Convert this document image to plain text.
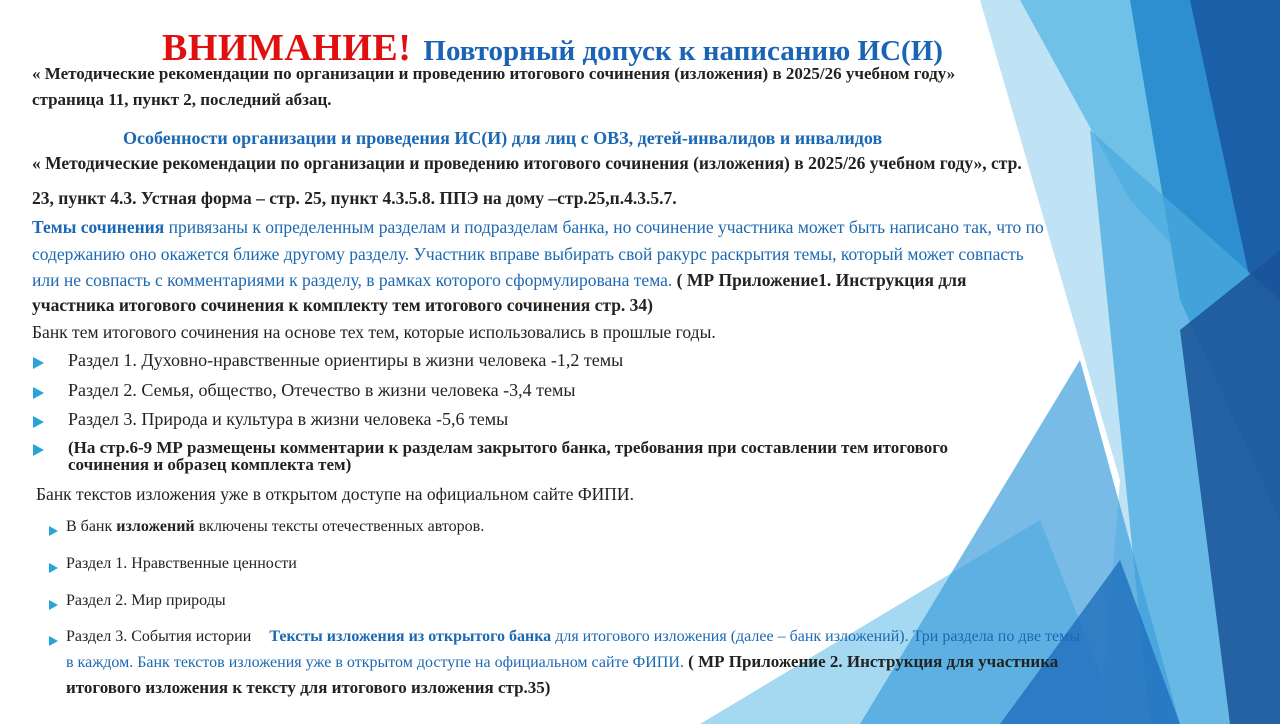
ВНИМАНИЕ! Повторный допуск к написанию ИС(И)
« Методические рекомендации по организации и проведению итогового сочинения (изложения) в 2025/26 учебном году»
страница 11, пункт 2, последний абзац.
Особенности организации и проведения ИС(И) для лиц с ОВЗ, детей-инвалидов и инвалидов
« Методические рекомендации по организации и проведению итогового сочинения (изложения) в 2025/26 учебном году», стр.
23, пункт 4.3. Устная форма – стр. 25, пункт 4.3.5.8. ППЭ на дому –стр.25,п.4.3.5.7.
Темы сочинения привязаны к определенным разделам и подразделам банка, но сочинение участника может быть написано так, что по
содержанию оно окажется ближе другому разделу. Участник вправе выбирать свой ракурс раскрытия темы, который может совпасть
или не совпасть с комментариями к разделу, в рамках которого сформулирована тема. ( МР Приложение1. Инструкция для
участника итогового сочинения к комплекту тем итогового сочинения стр. 34)
Банк тем итогового сочинения на основе тех тем, которые использовались в прошлые годы.
Раздел 1. Духовно-нравственные ориентиры в жизни человека -1,2 темы
Раздел 2. Семья, общество, Отечество в жизни человека -3,4 темы
Раздел 3. Природа и культура в жизни человека -5,6 темы
(На стр.6-9 МР размещены комментарии к разделам закрытого банка, требования при составлении тем итогового
сочинения и образец комплекта тем)
Банк текстов изложения уже в открытом доступе на официальном сайте ФИПИ.
В банк изложений включены тексты отечественных авторов.
Раздел 1. Нравственные ценности
Раздел 2. Мир природы
Раздел 3. События истории Тексты изложения из открытого банка для итогового изложения (далее – банк изложений). Три раздела по две темы
в каждом. Банк текстов изложения уже в открытом доступе на официальном сайте ФИПИ. ( МР Приложение 2. Инструкция для участника
итогового изложения к тексту для итогового изложения стр.35)
